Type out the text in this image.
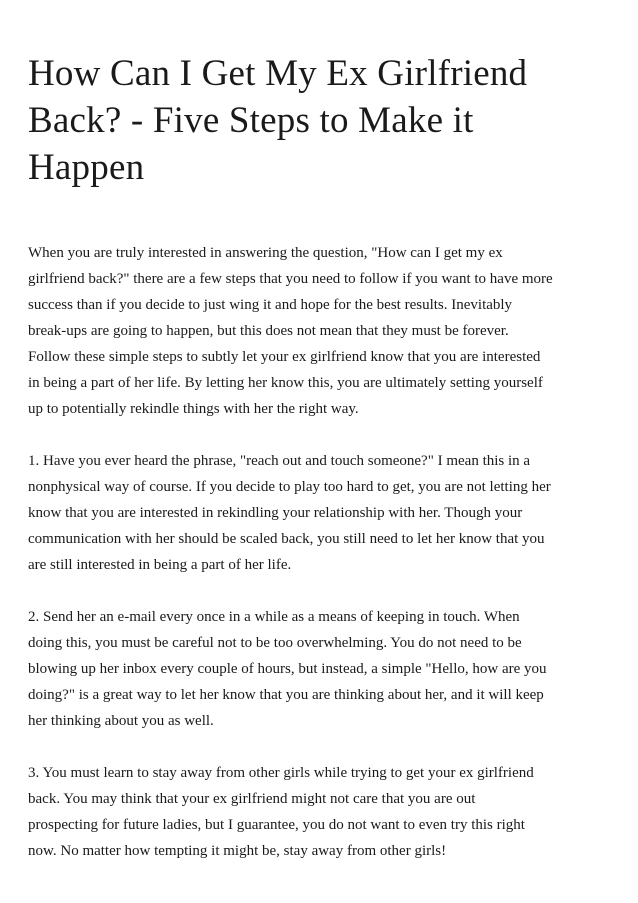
How Can I Get My Ex Girlfriend
Back? - Five Steps to Make it
Happen

When you are truly interested in answering the question, "How can I get my ex
girlfriend back?" there are a few steps that you need to follow if you want to have more
success than if you decide to just wing it and hope for the best results. Inevitably
break-ups are going to happen, but this does not mean that they must be forever.
Follow these simple steps to subtly let your ex girlfriend know that you are interested
in being a part of her life. By letting her know this, you are ultimately setting yourself
up to potentially rekindle things with her the right way.

1. Have you ever heard the phrase, "reach out and touch someone?" I mean this in a
nonphysical way of course. If you decide to play too hard to get, you are not letting her
know that you are interested in rekindling your relationship with her. Though your
communication with her should be scaled back, you still need to let her know that you
are still interested in being a part of her life.

2. Send her an e-mail every once in a while as a means of keeping in touch. When
doing this, you must be careful not to be too overwhelming. You do not need to be
blowing up her inbox every couple of hours, but instead, a simple "Hello, how are you
doing?" is a great way to let her know that you are thinking about her, and it will keep
her thinking about you as well.

3. You must learn to stay away from other girls while trying to get your ex girlfriend
back. You may think that your ex girlfriend might not care that you are out
prospecting for future ladies, but I guarantee, you do not want to even try this right
now. No matter how tempting it might be, stay away from other girls!
